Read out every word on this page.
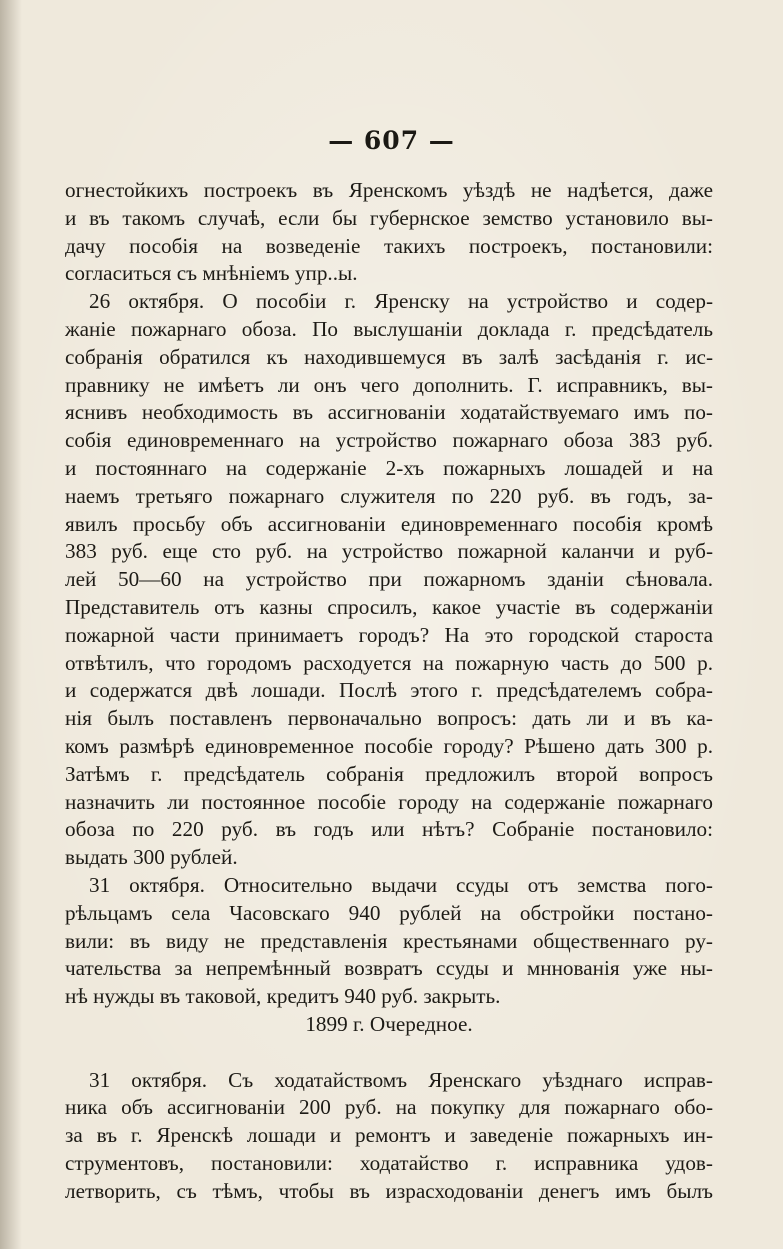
— 607 —
огнестойкихъ построекъ въ Яренскомъ уѣздѣ не надѣется, даже
и въ такомъ случаѣ, если бы губернское земство установило вы-
дачу пособія на возведеніе такихъ построекъ, постановили:
согласиться съ мнѣніемъ упр..ы.
26 октября. О пособіи г. Яренску на устройство и содер-
жаніе пожарнаго обоза. По выслушаніи доклада г. предсѣдатель
собранія обратился къ находившемуся въ залѣ засѣданія г. ис-
правнику не имѣетъ ли онъ чего дополнить. Г. исправникъ, вы-
яснивъ необходимость въ ассигнованіи ходатайствуемаго имъ по-
собія единовременнаго на устройство пожарнаго обоза 383 руб.
и постояннаго на содержаніе 2-хъ пожарныхъ лошадей и на
наемъ третьяго пожарнаго служителя по 220 руб. въ годъ, за-
явилъ просьбу объ ассигнованіи единовременнаго пособія кромѣ
383 руб. еще сто руб. на устройство пожарной каланчи и руб-
лей 50—60 на устройство при пожарномъ зданіи сѣновала.
Представитель отъ казны спросилъ, какое участіе въ содержаніи
пожарной части принимаетъ городъ? На это городской староста
отвѣтилъ, что городомъ расходуется на пожарную часть до 500 р.
и содержатся двѣ лошади. Послѣ этого г. предсѣдателемъ собра-
нія былъ поставленъ первоначально вопросъ: дать ли и въ ка-
комъ размѣрѣ единовременное пособіе городу? Рѣшено дать 300 р.
Затѣмъ г. предсѣдатель собранія предложилъ второй вопросъ
назначить ли постоянное пособіе городу на содержаніе пожарнаго
обоза по 220 руб. въ годъ или нѣтъ? Собраніе постановило:
выдать 300 рублей.
31 октября. Относительно выдачи ссуды отъ земства пого-
рѣльцамъ села Часовскаго 940 рублей на обстройки постано-
вили: въ виду не представленія крестьянами общественнаго ру-
чательства за непремѣнный возвратъ ссуды и мннованія уже ны-
нѣ нужды въ таковой, кредитъ 940 руб. закрыть.
1899 г. Очередное.
31 октября. Съ ходатайствомъ Яренскаго уѣзднаго исправ-
ника объ ассигнованіи 200 руб. на покупку для пожарнаго обо-
за въ г. Яренскѣ лошади и ремонтъ и заведеніе пожарныхъ ин-
струментовъ, постановили: ходатайство г. исправника удов-
летворить, съ тѣмъ, чтобы въ израсходованіи денегъ имъ былъ
